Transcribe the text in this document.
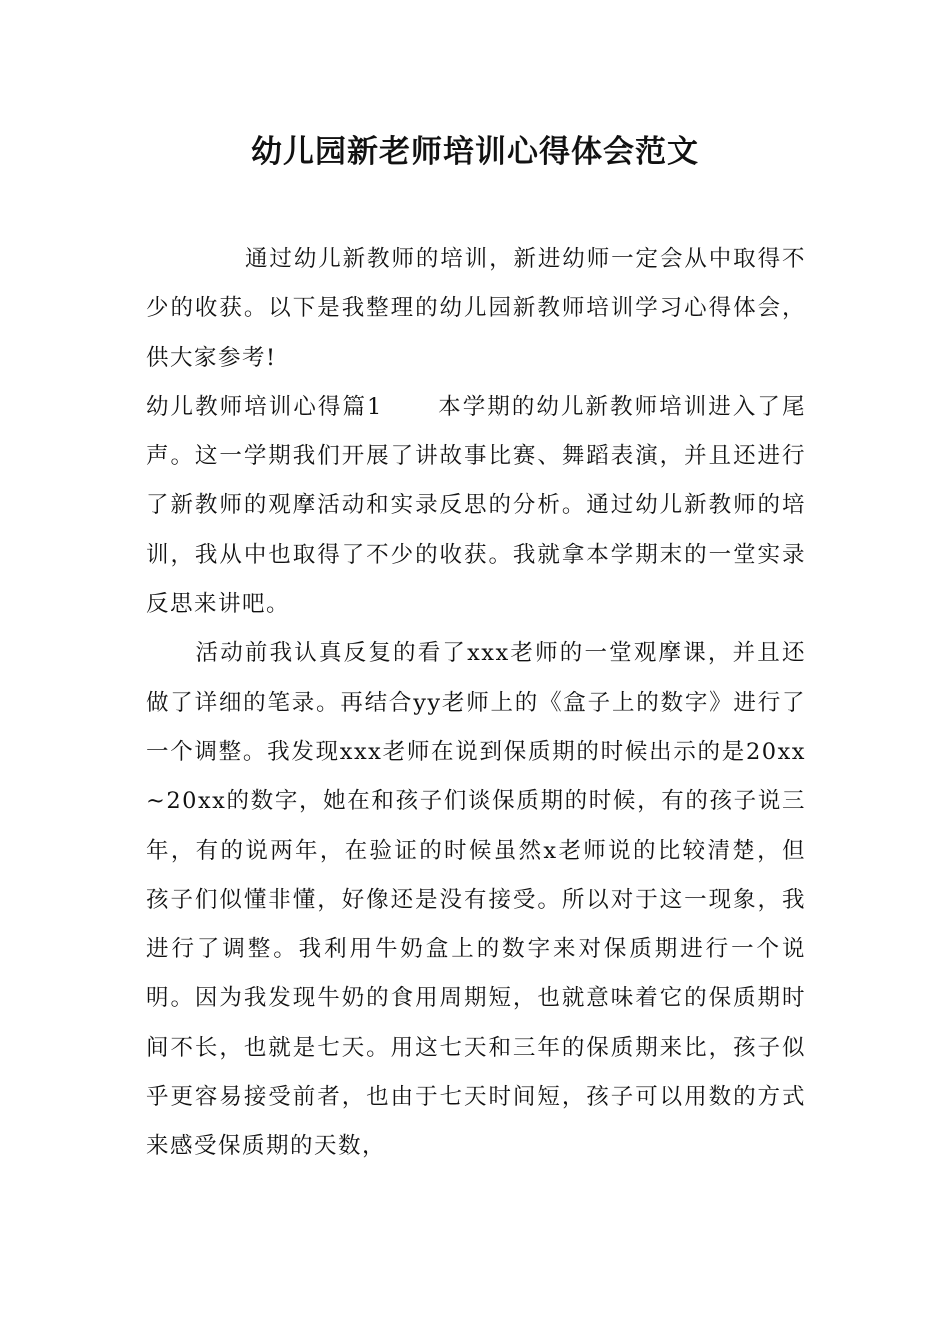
幼儿园新老师培训心得体会范文

通过幼儿新教师的培训，新进幼师一定会从中取得不少的收获。以下是我整理的幼儿园新教师培训学习心得体会，供大家参考!

幼儿教师培训心得篇1 本学期的幼儿新教师培训进入了尾声。这一学期我们开展了讲故事比赛、舞蹈表演，并且还进行了新教师的观摩活动和实录反思的分析。通过幼儿新教师的培训，我从中也取得了不少的收获。我就拿本学期末的一堂实录反思来讲吧。

活动前我认真反复的看了xxx老师的一堂观摩课，并且还做了详细的笔录。再结合yy老师上的《盒子上的数字》进行了一个调整。我发现xxx老师在说到保质期的时候出示的是20xx~20xx的数字，她在和孩子们谈保质期的时候，有的孩子说三年，有的说两年，在验证的时候虽然x老师说的比较清楚，但孩子们似懂非懂，好像还是没有接受。所以对于这一现象，我进行了调整。我利用牛奶盒上的数字来对保质期进行一个说明。因为我发现牛奶的食用周期短，也就意味着它的保质期时间不长，也就是七天。用这七天和三年的保质期来比，孩子似乎更容易接受前者，也由于七天时间短，孩子可以用数的方式来感受保质期的天数，
